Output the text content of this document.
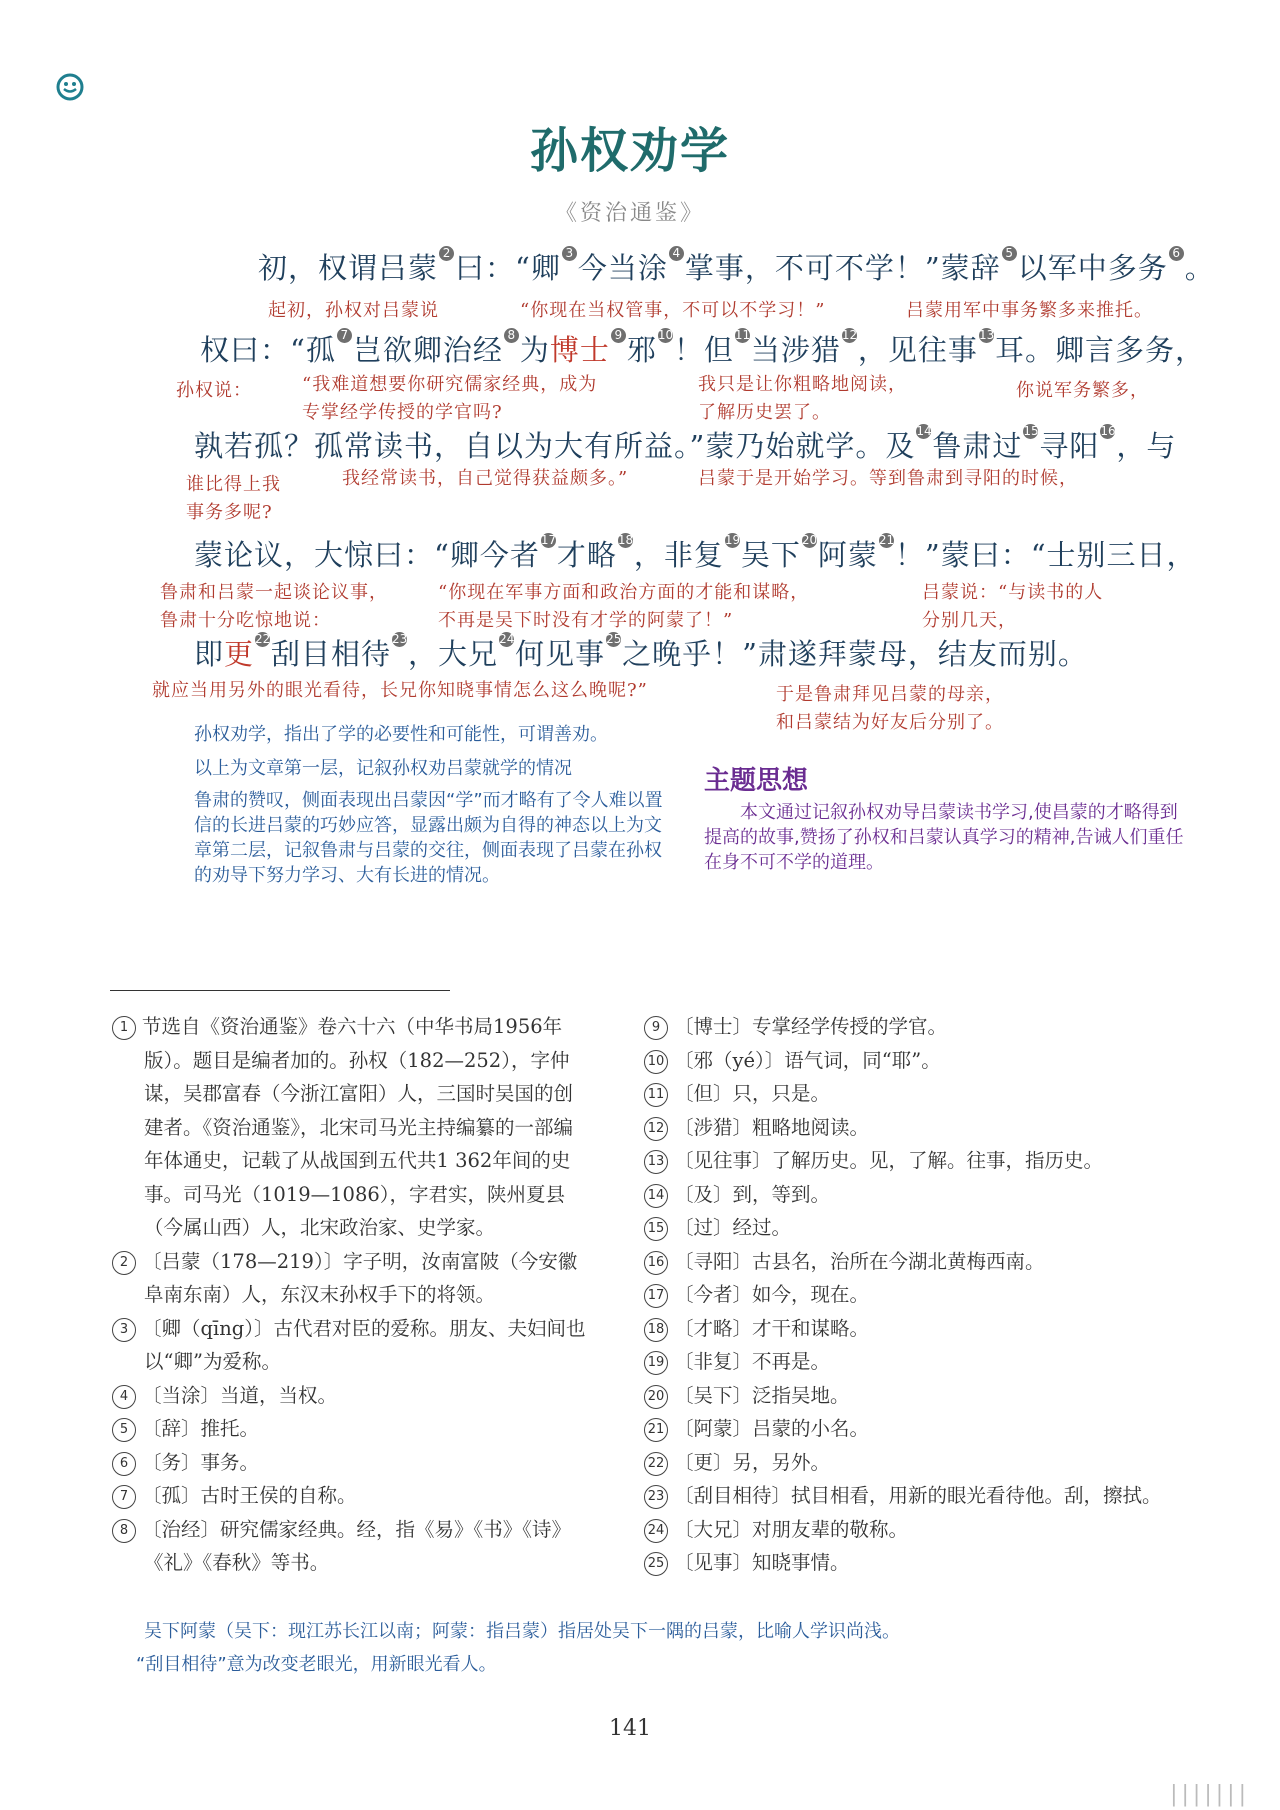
孙权劝学
《资治通鉴》
初，权谓吕蒙 $^2$ 曰：“卿 $^3$ 今当涂 $^4$ 掌事，不可不学！”蒙辞 $^5$ 以军中多务 $^6$ 。
起初，孙权对吕蒙说	“你现在当权管事，不可以不学习！”	吕蒙用军中事务繁多来推托。
权曰：“孤 $^7$ 岂欲卿治经 $^8$ 为博士 $^9$ 邪$^{10}$！但$^{11}$当涉猎$^{12}$，见往事$^{13}$耳。卿言多务，
孙权说：	“我难道想要你研究儒家经典，成为
专掌经学传授的学官吗?
我只是让你粗略地阅读，
了解历史罢了。
你说军务繁多，
孰若孤？孤常读书，自以为大有所益。”蒙乃始就学。及$^{14}$鲁肃过$^{15}$寻阳$^{16}$，与
谁比得上我
事务多呢?
我经常读书，自己觉得获益颇多。”	吕蒙于是开始学习。等到鲁肃到寻阳的时候，
蒙论议，大惊曰：“卿今者$^{17}$才略$^{18}$，非复$^{19}$吴下$^{20}$阿蒙$^{21}$！”蒙曰：“士别三日，
鲁肃和吕蒙一起谈论议事，
鲁肃十分吃惊地说：
“你现在军事方面和政治方面的才能和谋略，
不再是吴下时没有才学的阿蒙了！”
吕蒙说：“与读书的人
分别几天，
即更$^{22}$刮目相待$^{23}$，大兄$^{24}$何见事$^{25}$之晚乎！”肃遂拜蒙母，结友而别。
就应当用另外的眼光看待，长兄你知晓事情怎么这么晚呢?”	于是鲁肃拜见吕蒙的母亲，
和吕蒙结为好友后分别了。
孙权劝学，指出了学的必要性和可能性，可谓善劝。
以上为文章第一层，记叙孙权劝吕蒙就学的情况
鲁肃的赞叹，侧面表现出吕蒙因“学”而才略有了令人难以置信的长进吕蒙的巧妙应答，显露出颇为自得的神态以上为文章第二层，记叙鲁肃与吕蒙的交往，侧面表现了吕蒙在孙权的劝导下努力学习、大有长进的情况。
主题思想
本文通过记叙孙权劝导吕蒙读书学习,使昌蒙的才略得到提高的故事,赞扬了孙权和吕蒙认真学习的精神,告诫人们重任在身不可不学的道理。

1 节选自《资治通鉴》卷六十六（中华书局1956年版）。题目是编者加的。孙权（182—252），字仲谋，吴郡富春（今浙江富阳）人，三国时吴国的创建者。《资治通鉴》，北宋司马光主持编纂的一部编年体通史，记载了从战国到五代共1 362年间的史事。司马光（1019—1086），字君实，陕州夏县（今属山西）人，北宋政治家、史学家。

2 〔吕蒙（178—219）〕字子明，汝南富陂（今安徽阜南东南）人，东汉末孙权手下的将领。

3 〔卿（qīng）〕古代君对臣的爱称。朋友、夫妇间也以“卿”为爱称。

4 〔当涂〕当道，当权。

5 〔辞〕推托。

6 〔务〕事务。

7 〔孤〕古时王侯的自称。

8 〔治经〕研究儒家经典。经，指《易》《书》《诗》《礼》《春秋》等书。

9 〔博士〕专掌经学传授的学官。

10 〔邪（yé）〕语气词，同“耶”。

11 〔但〕只，只是。

12 〔涉猎〕粗略地阅读。

13 〔见往事〕了解历史。见，了解。往事，指历史。

14 〔及〕到，等到。

15 〔过〕经过。

16 〔寻阳〕古县名，治所在今湖北黄梅西南。

17 〔今者〕如今，现在。

18 〔才略〕才干和谋略。

19 〔非复〕不再是。

20 〔吴下〕泛指吴地。

21 〔阿蒙〕吕蒙的小名。

22 〔更〕另，另外。

23 〔刮目相待〕拭目相看，用新的眼光看待他。刮，擦拭。

24 〔大兄〕对朋友辈的敬称。

25 〔见事〕知晓事情。

吴下阿蒙（吴下：现江苏长江以南；阿蒙：指吕蒙）指居处吴下一隅的吕蒙，比喻人学识尚浅。
“刮目相待”意为改变老眼光，用新眼光看人。
141
|||||||
